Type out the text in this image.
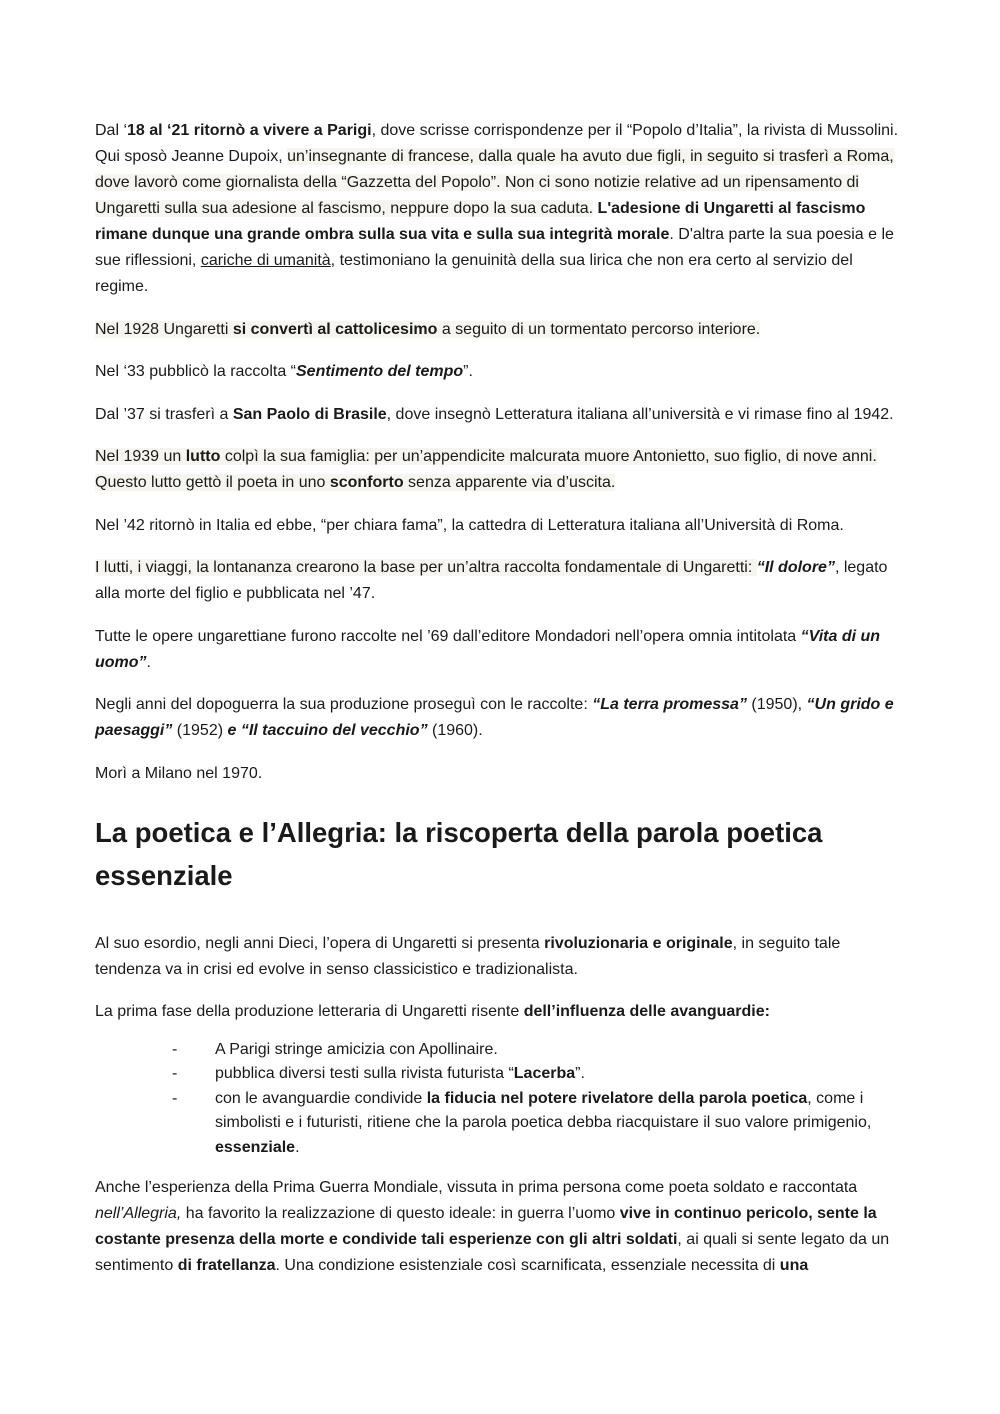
Dal ‘18 al ‘21 ritornò a vivere a Parigi, dove scrisse corrispondenze per il “Popolo d’Italia”, la rivista di Mussolini. Qui sposò Jeanne Dupoix, un’insegnante di francese, dalla quale ha avuto due figli, in seguito si trasferì a Roma, dove lavorò come giornalista della “Gazzetta del Popolo”. Non ci sono notizie relative ad un ripensamento di Ungaretti sulla sua adesione al fascismo, neppure dopo la sua caduta. L'adesione di Ungaretti al fascismo rimane dunque una grande ombra sulla sua vita e sulla sua integrità morale. D'altra parte la sua poesia e le sue riflessioni, cariche di umanità, testimoniano la genuinità della sua lirica che non era certo al servizio del regime.

Nel 1928 Ungaretti si convertì al cattolicesimo a seguito di un tormentato percorso interiore.

Nel ‘33 pubblicò la raccolta “Sentimento del tempo”.

Dal ’37 si trasferì a San Paolo di Brasile, dove insegnò Letteratura italiana all’università e vi rimase fino al 1942.

Nel 1939 un lutto colpì la sua famiglia: per un’appendicite malcurata muore Antonietto, suo figlio, di nove anni. Questo lutto gettò il poeta in uno sconforto senza apparente via d’uscita.

Nel ’42 ritornò in Italia ed ebbe, “per chiara fama”, la cattedra di Letteratura italiana all’Università di Roma.

I lutti, i viaggi, la lontananza crearono la base per un’altra raccolta fondamentale di Ungaretti: “Il dolore”, legato alla morte del figlio e pubblicata nel ’47.

Tutte le opere ungarettiane furono raccolte nel ’69 dall’editore Mondadori nell’opera omnia intitolata “Vita di un uomo”.

Negli anni del dopoguerra la sua produzione proseguì con le raccolte: “La terra promessa” (1950), “Un grido e paesaggi” (1952) e “Il taccuino del vecchio” (1960).

Morì a Milano nel 1970.

La poetica e l’Allegria: la riscoperta della parola poetica essenziale

Al suo esordio, negli anni Dieci, l’opera di Ungaretti si presenta rivoluzionaria e originale, in seguito tale tendenza va in crisi ed evolve in senso classicistico e tradizionalista.

La prima fase della produzione letteraria di Ungaretti risente dell’influenza delle avanguardie:

- A Parigi stringe amicizia con Apollinaire.
- pubblica diversi testi sulla rivista futurista “Lacerba”.
- con le avanguardie condivide la fiducia nel potere rivelatore della parola poetica, come i simbolisti e i futuristi, ritiene che la parola poetica debba riacquistare il suo valore primigenio, essenziale.

Anche l’esperienza della Prima Guerra Mondiale, vissuta in prima persona come poeta soldato e raccontata nell’Allegria, ha favorito la realizzazione di questo ideale: in guerra l’uomo vive in continuo pericolo, sente la costante presenza della morte e condivide tali esperienze con gli altri soldati, ai quali si sente legato da un sentimento di fratellanza. Una condizione esistenziale così scarnificata, essenziale necessita di una
